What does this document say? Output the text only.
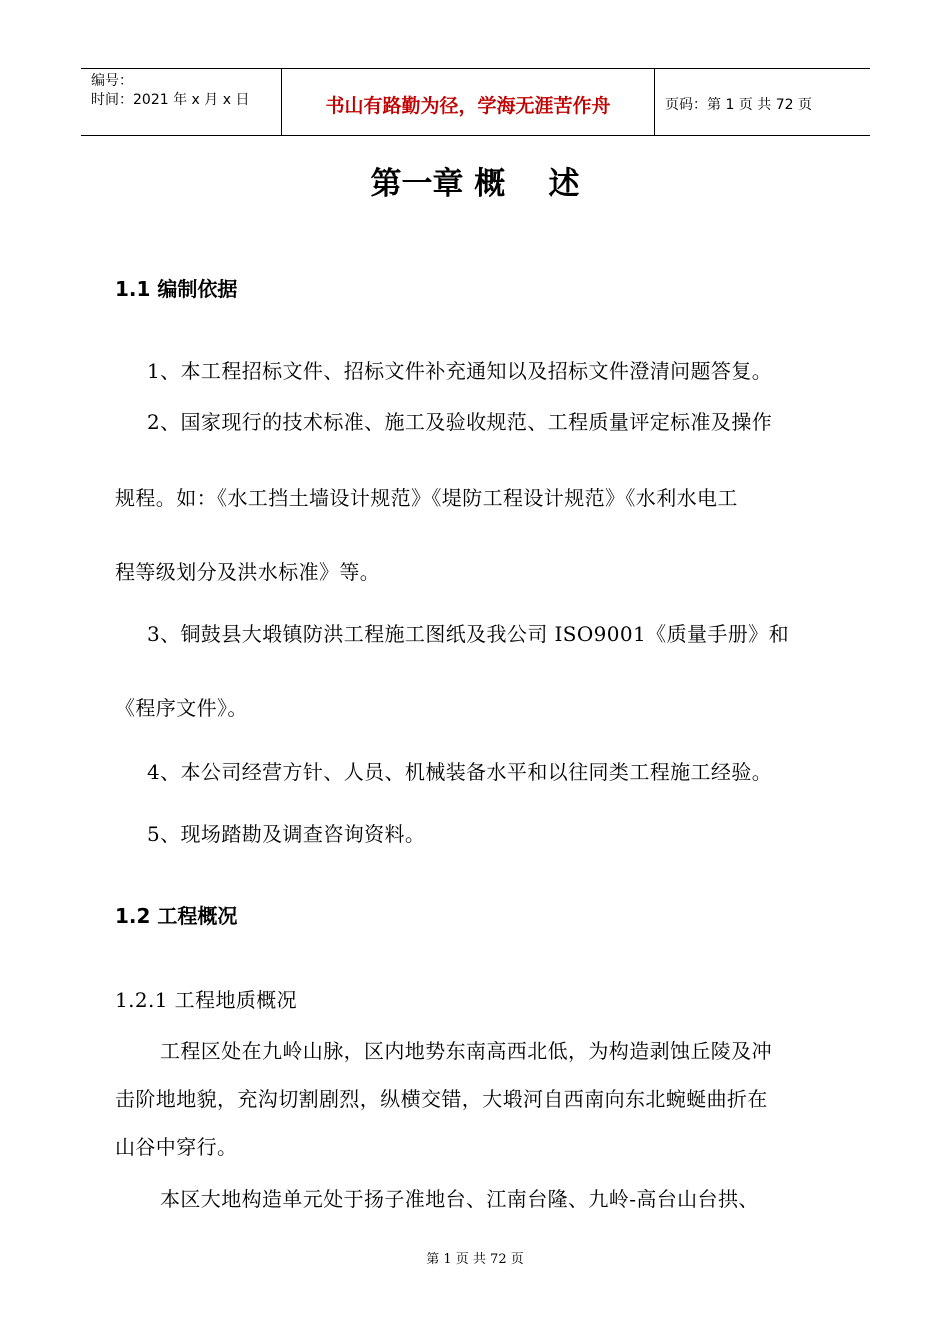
编号：
时间：2021 年 x 月 x 日	书山有路勤为径，学海无涯苦作舟	页码：第 1 页 共 72 页
第一章 概    述
1.1 编制依据
1、本工程招标文件、招标文件补充通知以及招标文件澄清问题答复。
2、国家现行的技术标准、施工及验收规范、工程质量评定标准及操作
规程。如：《水工挡土墙设计规范》《堤防工程设计规范》《水利水电工
程等级划分及洪水标准》等。
3、铜鼓县大塅镇防洪工程施工图纸及我公司 ISO9001《质量手册》和
《程序文件》。
4、本公司经营方针、人员、机械装备水平和以往同类工程施工经验。
5、现场踏勘及调查咨询资料。
1.2 工程概况
1.2.1 工程地质概况
工程区处在九岭山脉，区内地势东南高西北低，为构造剥蚀丘陵及冲
击阶地地貌，充沟切割剧烈，纵横交错，大塅河自西南向东北蜿蜒曲折在
山谷中穿行。
本区大地构造单元处于扬子准地台、江南台隆、九岭-高台山台拱、
第 1 页 共 72 页
